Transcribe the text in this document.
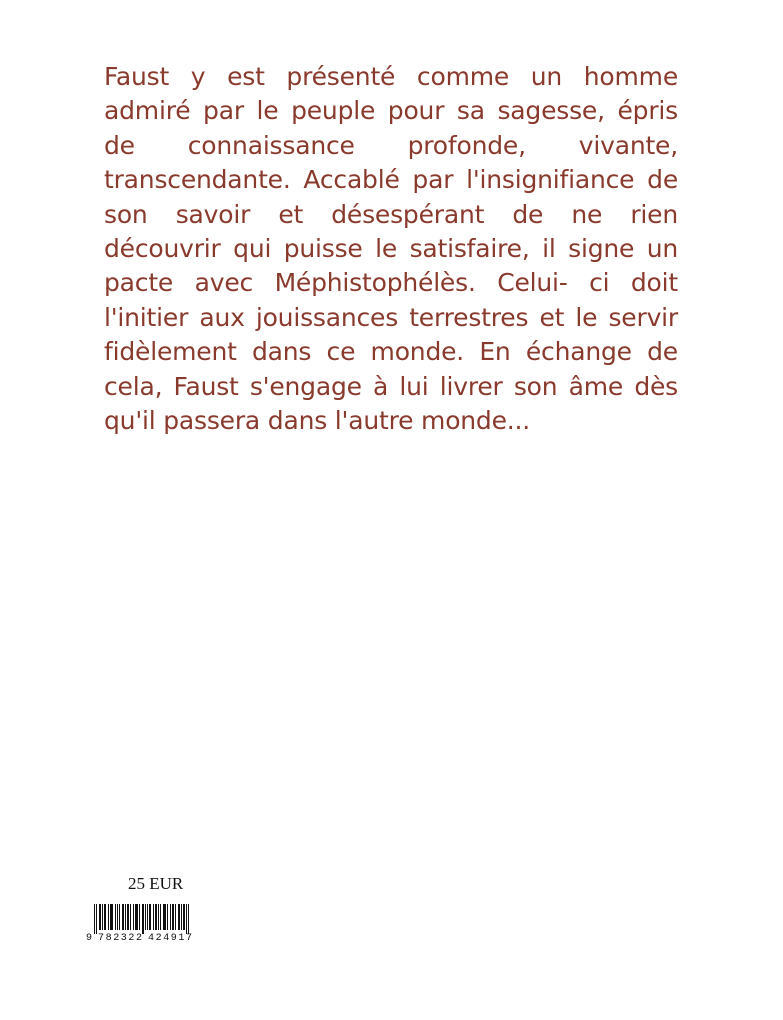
Faust y est présenté comme un homme admiré par le peuple pour sa sagesse, épris de connaissance profonde, vivante, transcendante. Accablé par l'insignifiance de son savoir et désespérant de ne rien découvrir qui puisse le satisfaire, il signe un pacte avec Méphistophélès. Celui- ci doit l'initier aux jouissances terrestres et le servir fidèlement dans ce monde. En échange de cela, Faust s'engage à lui livrer son âme dès qu'il passera dans l'autre monde...

25 EUR
9 782322 424917
